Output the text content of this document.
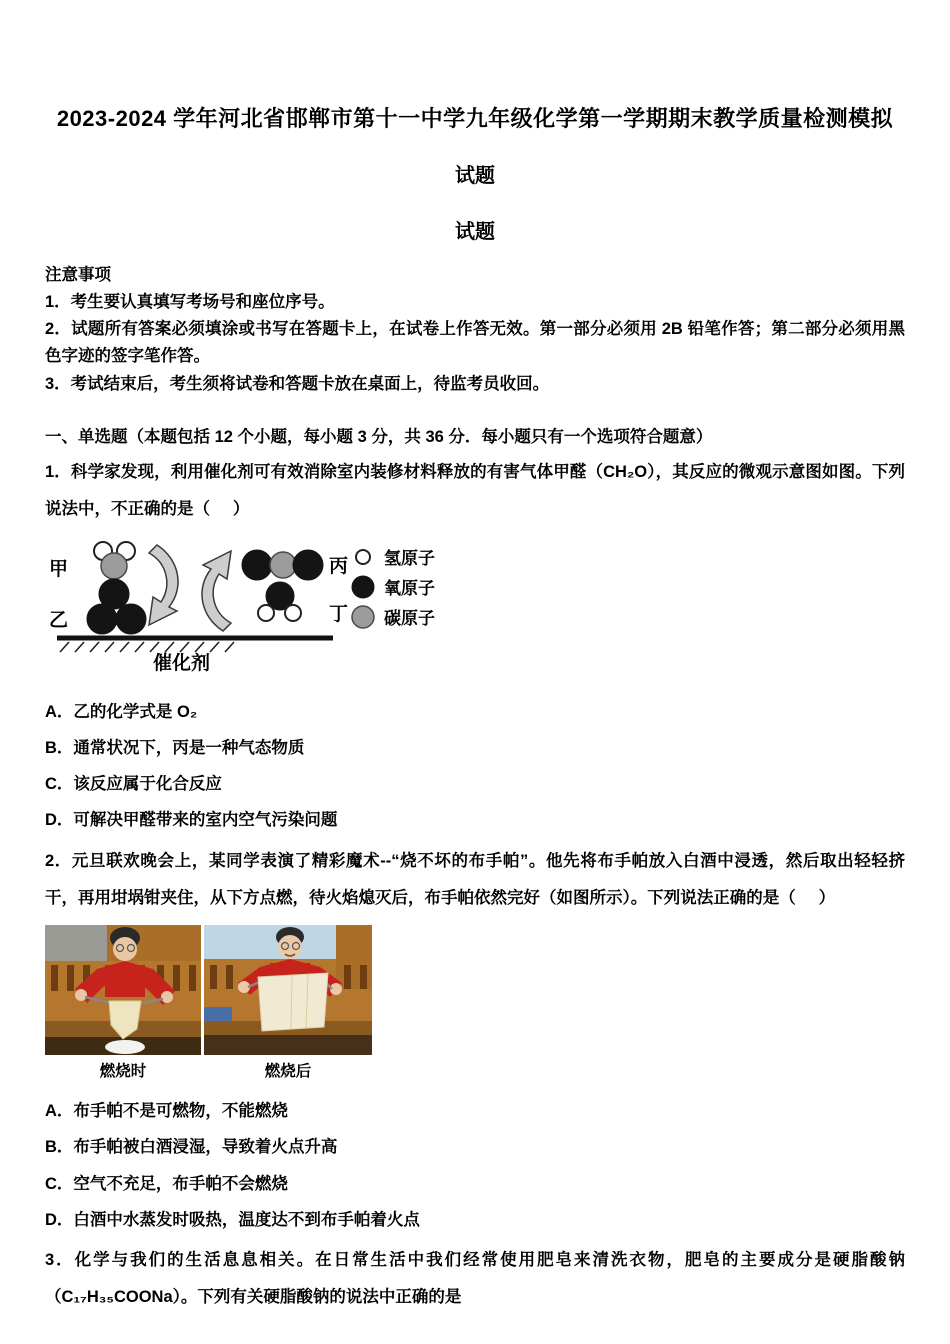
2023-2024 学年河北省邯郸市第十一中学九年级化学第一学期期末教学质量检测模拟
试题
试题
注意事项

1．考生要认真填写考场号和座位序号。

2．试题所有答案必须填涂或书写在答题卡上，在试卷上作答无效。第一部分必须用 2B 铅笔作答；第二部分必须用黑色字迹的签字笔作答。

3．考试结束后，考生须将试卷和答题卡放在桌面上，待监考员收回。

一、单选题（本题包括 12 个小题，每小题 3 分，共 36 分．每小题只有一个选项符合题意）

1．科学家发现，利用催化剂可有效消除室内装修材料释放的有害气体甲醛（CH₂O），其反应的微观示意图如图。下列说法中，不正确的是（     ）

甲
乙
丙
丁
催化剂
氢原子
氧原子
碳原子

A．乙的化学式是 O₂

B．通常状况下，丙是一种气态物质

C．该反应属于化合反应

D．可解决甲醛带来的室内空气污染问题

2．元旦联欢晚会上，某同学表演了精彩魔术--“烧不坏的布手帕”。他先将布手帕放入白酒中浸透，然后取出轻轻挤干，再用坩埚钳夹住，从下方点燃，待火焰熄灭后，布手帕依然完好（如图所示）。下列说法正确的是（     ）

燃烧时	燃烧后

A．布手帕不是可燃物，不能燃烧

B．布手帕被白酒浸湿，导致着火点升高

C．空气不充足，布手帕不会燃烧

D．白酒中水蒸发时吸热，温度达不到布手帕着火点

3．化学与我们的生活息息相关。在日常生活中我们经常使用肥皂来清洗衣物，肥皂的主要成分是硬脂酸钠（C₁₇H₃₅COONa）。下列有关硬脂酸钠的说法中正确的是
